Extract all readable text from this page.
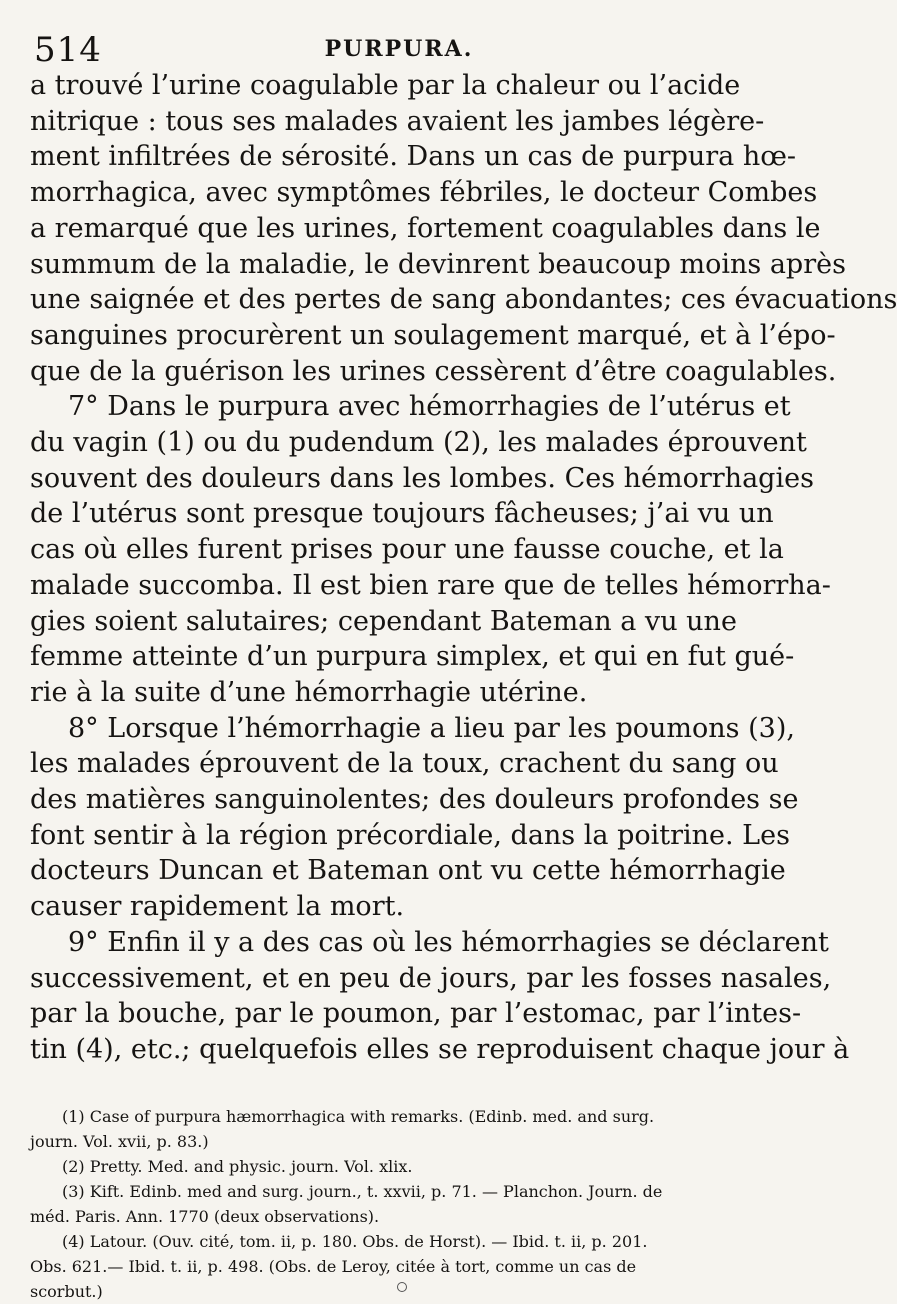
514	PURPURA.
a trouvé l’urine coagulable par la chaleur ou l’acide
nitrique : tous ses malades avaient les jambes légère-
ment infiltrées de sérosité. Dans un cas de purpura hœ-
morrhagica, avec symptômes fébriles, le docteur Combes
a remarqué que les urines, fortement coagulables dans le
summum de la maladie, le devinrent beaucoup moins après
une saignée et des pertes de sang abondantes; ces évacuations
sanguines procurèrent un soulagement marqué, et à l’épo-
que de la guérison les urines cessèrent d’être coagulables.
7° Dans le purpura avec hémorrhagies de l’utérus et
du vagin (1) ou du pudendum (2), les malades éprouvent
souvent des douleurs dans les lombes. Ces hémorrhagies
de l’utérus sont presque toujours fâcheuses; j’ai vu un
cas où elles furent prises pour une fausse couche, et la
malade succomba. Il est bien rare que de telles hémorrha-
gies soient salutaires; cependant Bateman a vu une
femme atteinte d’un purpura simplex, et qui en fut gué-
rie à la suite d’une hémorrhagie utérine.
8° Lorsque l’hémorrhagie a lieu par les poumons (3),
les malades éprouvent de la toux, crachent du sang ou
des matières sanguinolentes; des douleurs profondes se
font sentir à la région précordiale, dans la poitrine. Les
docteurs Duncan et Bateman ont vu cette hémorrhagie
causer rapidement la mort.
9° Enfin il y a des cas où les hémorrhagies se déclarent
successivement, et en peu de jours, par les fosses nasales,
par la bouche, par le poumon, par l’estomac, par l’intes-
tin (4), etc.; quelquefois elles se reproduisent chaque jour à
(1) Case of purpura hæmorrhagica with remarks. (Edinb. med. and surg.
journ. Vol. xvii, p. 83.)
(2) Pretty. Med. and physic. journ. Vol. xlix.
(3) Kift. Edinb. med and surg. journ., t. xxvii, p. 71. — Planchon. Journ. de
méd. Paris. Ann. 1770 (deux observations).
(4) Latour. (Ouv. cité, tom. ii, p. 180. Obs. de Horst). — Ibid. t. ii, p. 201.
Obs. 621.— Ibid. t. ii, p. 498. (Obs. de Leroy, citée à tort, comme un cas de
scorbut.)
